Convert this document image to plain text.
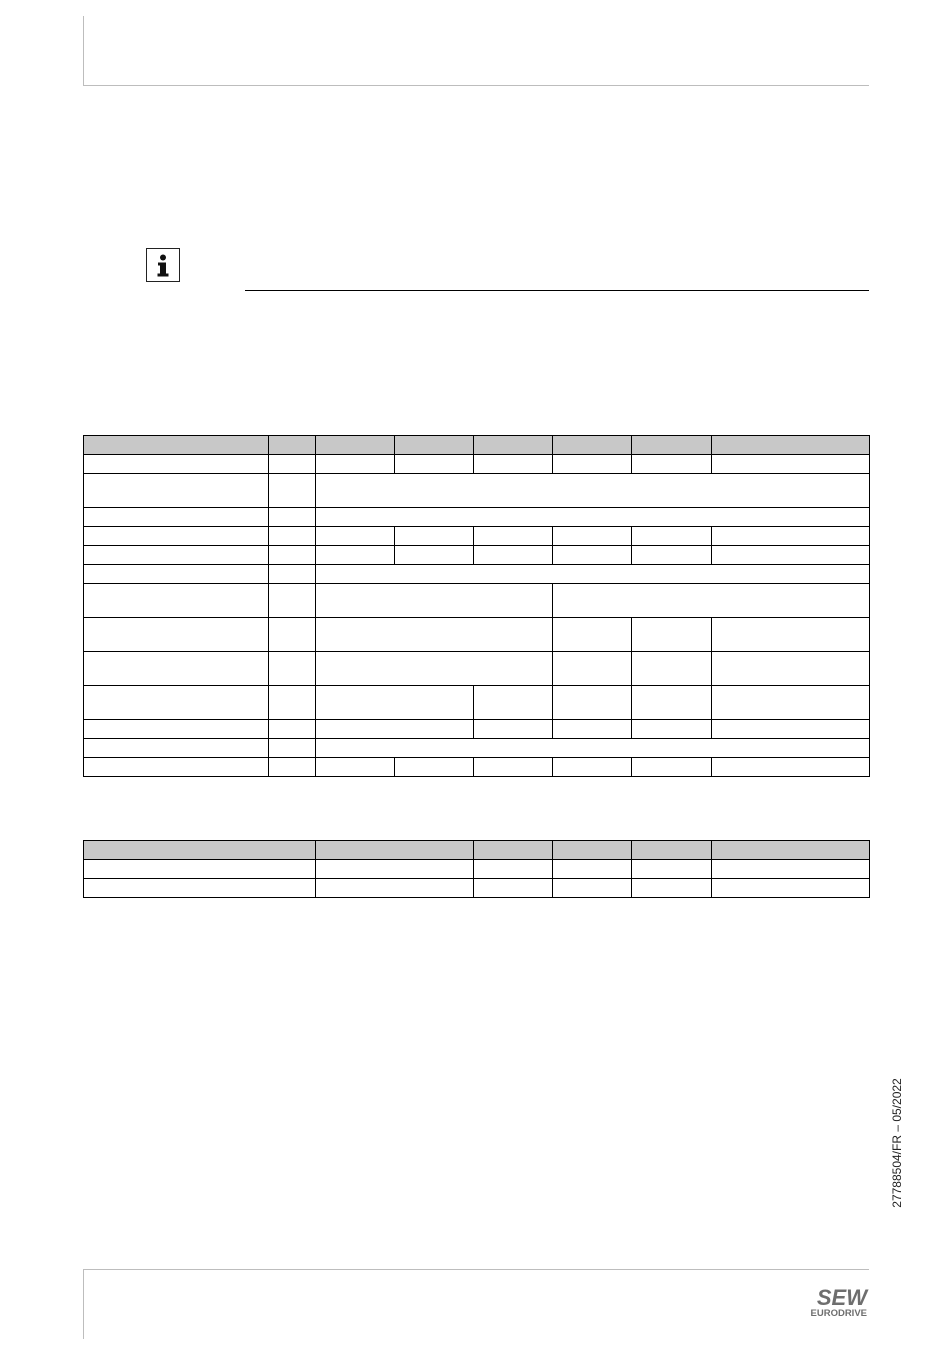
27788504/FR – 05/2022
SEW
EURODRIVE
